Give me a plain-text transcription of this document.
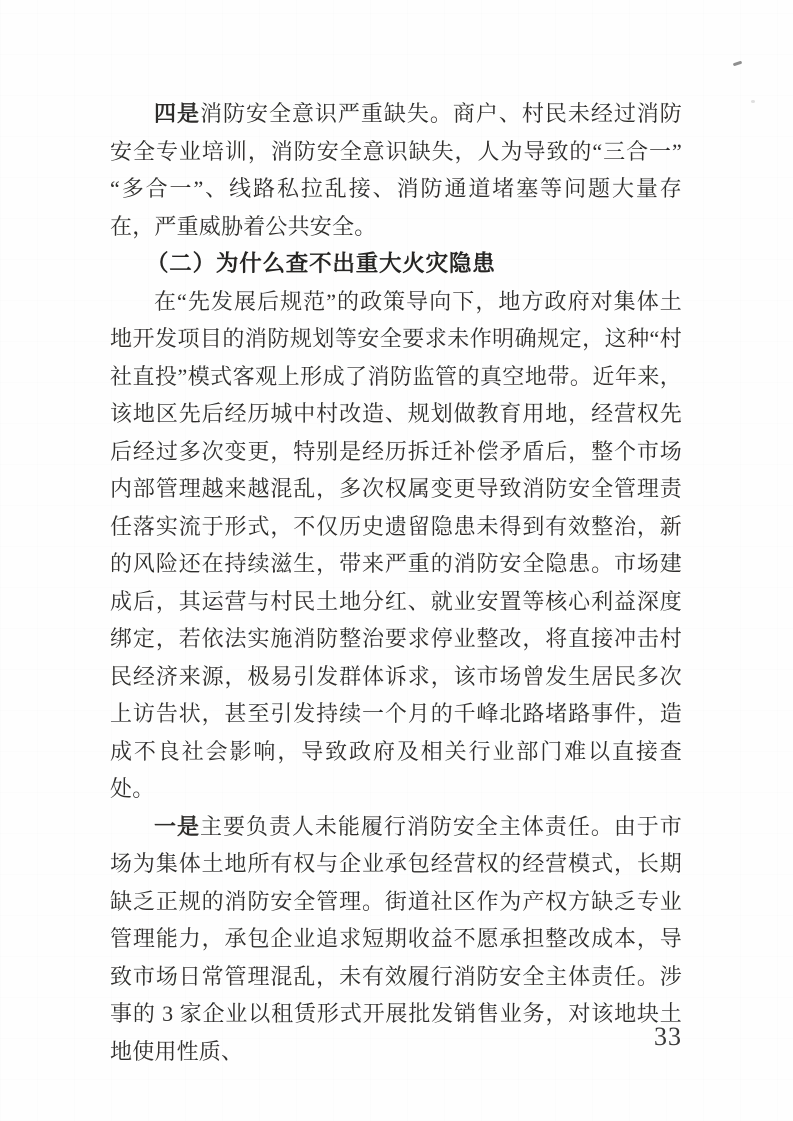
四是消防安全意识严重缺失。商户、村民未经过消防安全专业培训，消防安全意识缺失，人为导致的“三合一”“多合一”、线路私拉乱接、消防通道堵塞等问题大量存在，严重威胁着公共安全。

（二）为什么查不出重大火灾隐患

在“先发展后规范”的政策导向下，地方政府对集体土地开发项目的消防规划等安全要求未作明确规定，这种“村社直投”模式客观上形成了消防监管的真空地带。近年来，该地区先后经历城中村改造、规划做教育用地，经营权先后经过多次变更，特别是经历拆迁补偿矛盾后，整个市场内部管理越来越混乱，多次权属变更导致消防安全管理责任落实流于形式，不仅历史遗留隐患未得到有效整治，新的风险还在持续滋生，带来严重的消防安全隐患。市场建成后，其运营与村民土地分红、就业安置等核心利益深度绑定，若依法实施消防整治要求停业整改，将直接冲击村民经济来源，极易引发群体诉求，该市场曾发生居民多次上访告状，甚至引发持续一个月的千峰北路堵路事件，造成不良社会影响，导致政府及相关行业部门难以直接查处。

一是主要负责人未能履行消防安全主体责任。由于市场为集体土地所有权与企业承包经营权的经营模式，长期缺乏正规的消防安全管理。街道社区作为产权方缺乏专业管理能力，承包企业追求短期收益不愿承担整改成本，导致市场日常管理混乱，未有效履行消防安全主体责任。涉事的 3 家企业以租赁形式开展批发销售业务，对该地块土地使用性质、	33
